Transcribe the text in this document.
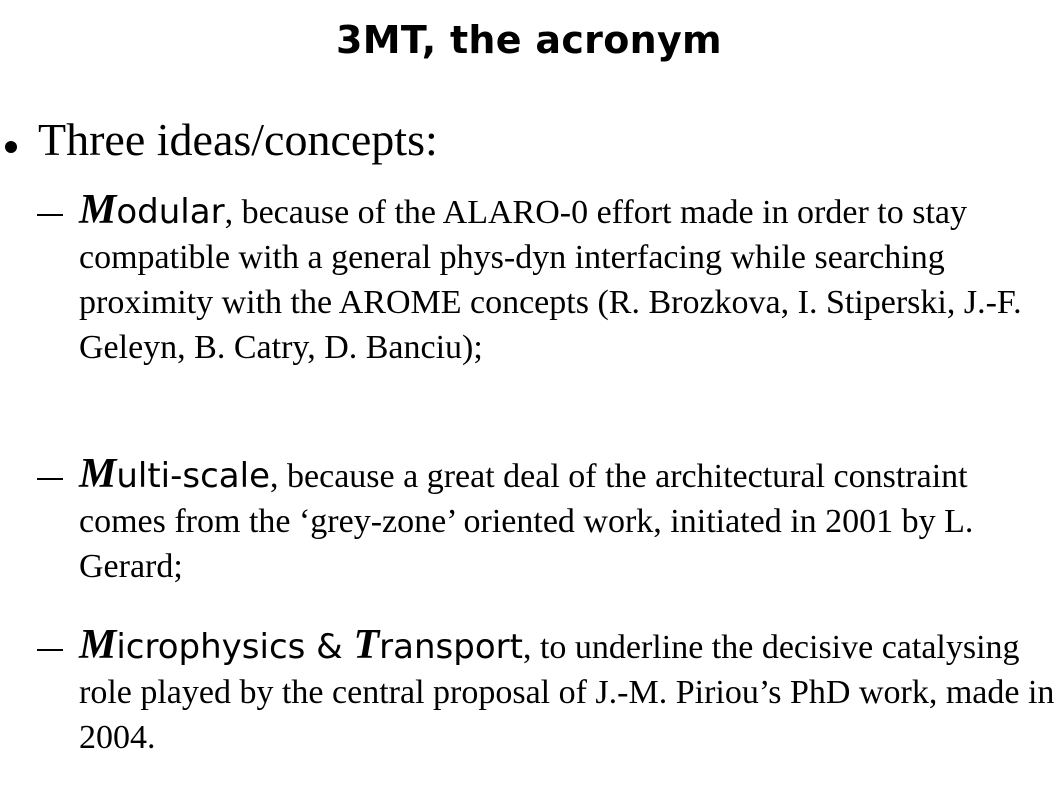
3MT, the acronym
Three ideas/concepts:
Modular, because of the ALARO-0 effort made in order to stay compatible with a general phys-dyn interfacing while searching proximity with the AROME concepts (R. Brozkova, I. Stiperski, J.-F. Geleyn, B. Catry, D. Banciu);
Multi-scale, because a great deal of the architectural constraint comes from the ‘grey-zone’ oriented work, initiated in 2001 by L. Gerard;
Microphysics & Transport, to underline the decisive catalysing role played by the central proposal of J.-M. Piriou’s PhD work, made in 2004.
